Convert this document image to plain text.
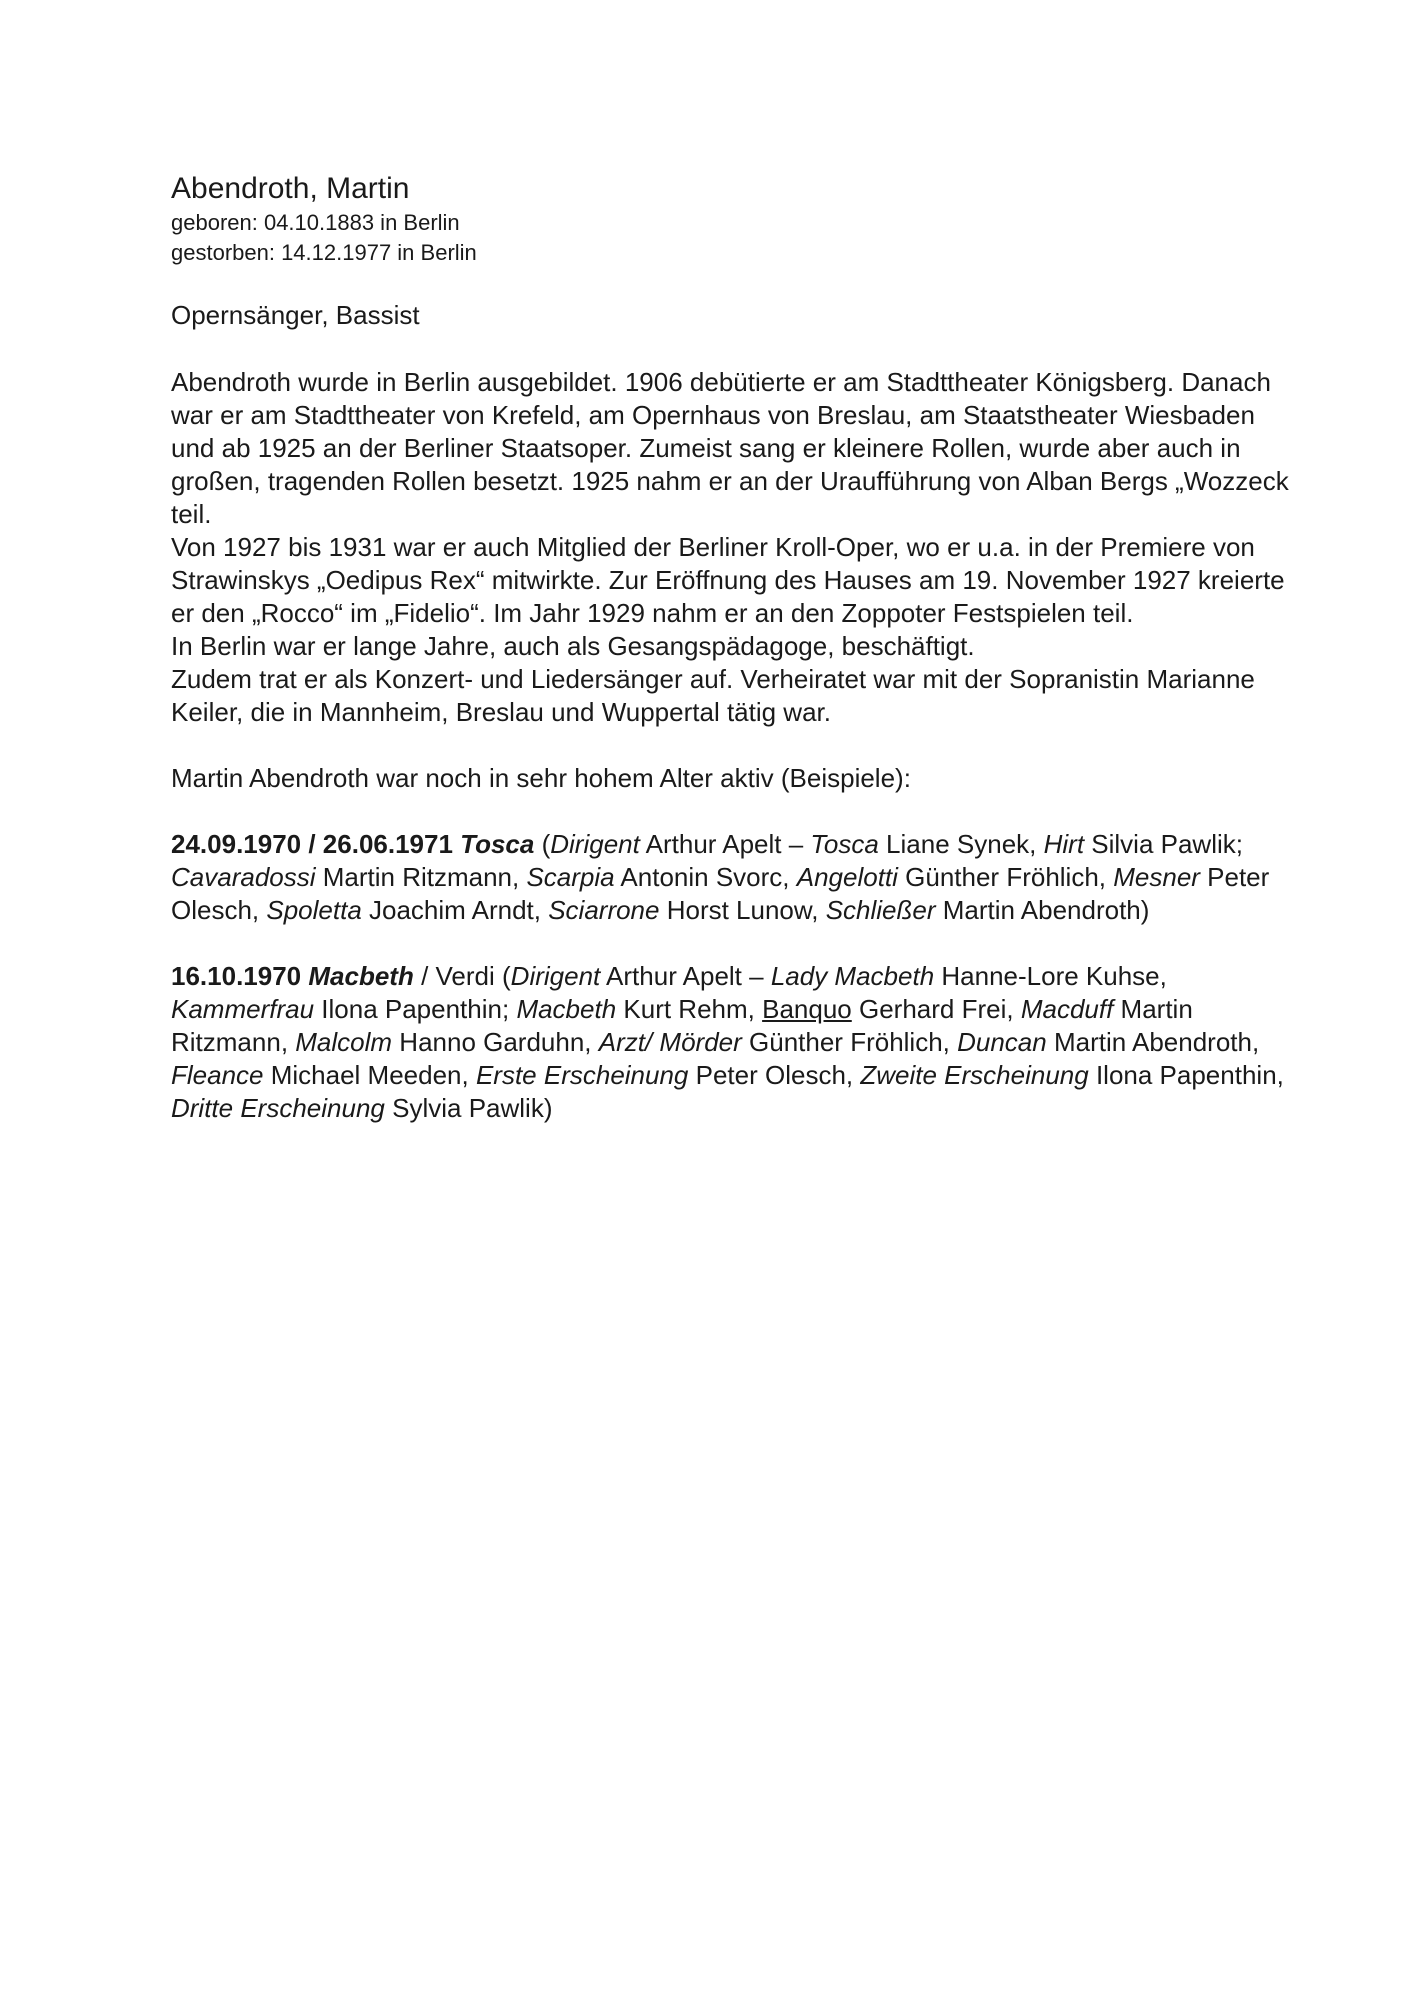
Abendroth, Martin

geboren: 04.10.1883 in Berlin

gestorben: 14.12.1977 in Berlin

Opernsänger, Bassist

Abendroth wurde in Berlin ausgebildet. 1906 debütierte er am Stadttheater Königsberg. Danach war er am Stadttheater von Krefeld, am Opernhaus von Breslau, am Staatstheater Wiesbaden und ab 1925 an der Berliner Staatsoper. Zumeist sang er kleinere Rollen, wurde aber auch in großen, tragenden Rollen besetzt. 1925 nahm er an der Uraufführung von Alban Bergs „Wozzeck teil.

Von 1927 bis 1931 war er auch Mitglied der Berliner Kroll-Oper, wo er u.a. in der Premiere von Strawinskys „Oedipus Rex“ mitwirkte. Zur Eröffnung des Hauses am 19. November 1927 kreierte er den „Rocco“ im „Fidelio“. Im Jahr 1929 nahm er an den Zoppoter Festspielen teil.

In Berlin war er lange Jahre, auch als Gesangspädagoge, beschäftigt.

Zudem trat er als Konzert- und Liedersänger auf. Verheiratet war mit der Sopranistin Marianne Keiler, die in Mannheim, Breslau und Wuppertal tätig war.

Martin Abendroth war noch in sehr hohem Alter aktiv (Beispiele):

24.09.1970 / 26.06.1971 Tosca (Dirigent Arthur Apelt – Tosca Liane Synek, Hirt Silvia Pawlik; Cavaradossi Martin Ritzmann, Scarpia Antonin Svorc, Angelotti Günther Fröhlich, Mesner Peter Olesch, Spoletta Joachim Arndt, Sciarrone Horst Lunow, Schließer Martin Abendroth)

16.10.1970 Macbeth / Verdi (Dirigent Arthur Apelt – Lady Macbeth Hanne-Lore Kuhse, Kammerfrau Ilona Papenthin; Macbeth Kurt Rehm, Banquo Gerhard Frei, Macduff Martin Ritzmann, Malcolm Hanno Garduhn, Arzt/ Mörder Günther Fröhlich, Duncan Martin Abendroth, Fleance Michael Meeden, Erste Erscheinung Peter Olesch, Zweite Erscheinung Ilona Papenthin, Dritte Erscheinung Sylvia Pawlik)
